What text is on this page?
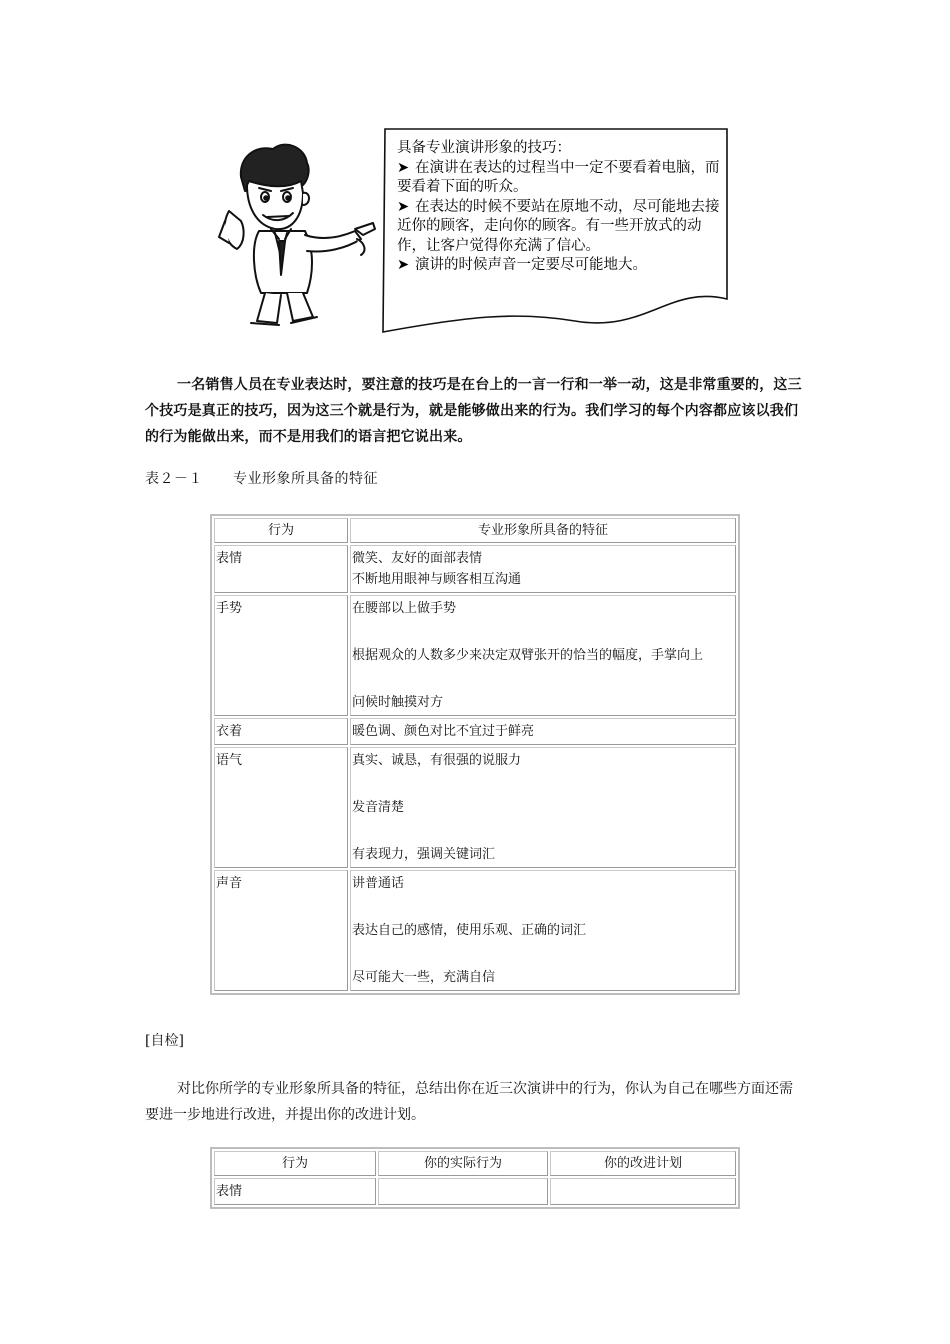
具备专业演讲形象的技巧：
➤ 在演讲在表达的过程当中一定不要看着电脑，而要看着下面的听众。
➤ 在表达的时候不要站在原地不动，尽可能地去接近你的顾客，走向你的顾客。有一些开放式的动作，让客户觉得你充满了信心。
➤ 演讲的时候声音一定要尽可能地大。
一名销售人员在专业表达时，要注意的技巧是在台上的一言一行和一举一动，这是非常重要的，这三个技巧是真正的技巧，因为这三个就是行为，就是能够做出来的行为。我们学习的每个内容都应该以我们的行为能做出来，而不是用我们的语言把它说出来。
表２－１ 专业形象所具备的特征
行为	专业形象所具备的特征
表情	微笑、友好的面部表情
不断地用眼神与顾客相互沟通

手势	在腰部以上做手势
根据观众的人数多少来决定双臂张开的恰当的幅度，手掌向上
问候时触摸对方

衣着	暖色调、颜色对比不宜过于鲜亮

语气	真实、诚恳，有很强的说服力
发音清楚
有表现力，强调关键词汇

声音	讲普通话
表达自己的感情，使用乐观、正确的词汇
尽可能大一些，充满自信
[自检]
对比你所学的专业形象所具备的特征，总结出你在近三次演讲中的行为，你认为自己在哪些方面还需要进一步地进行改进，并提出你的改进计划。
行为	你的实际行为	你的改进计划
表情		
